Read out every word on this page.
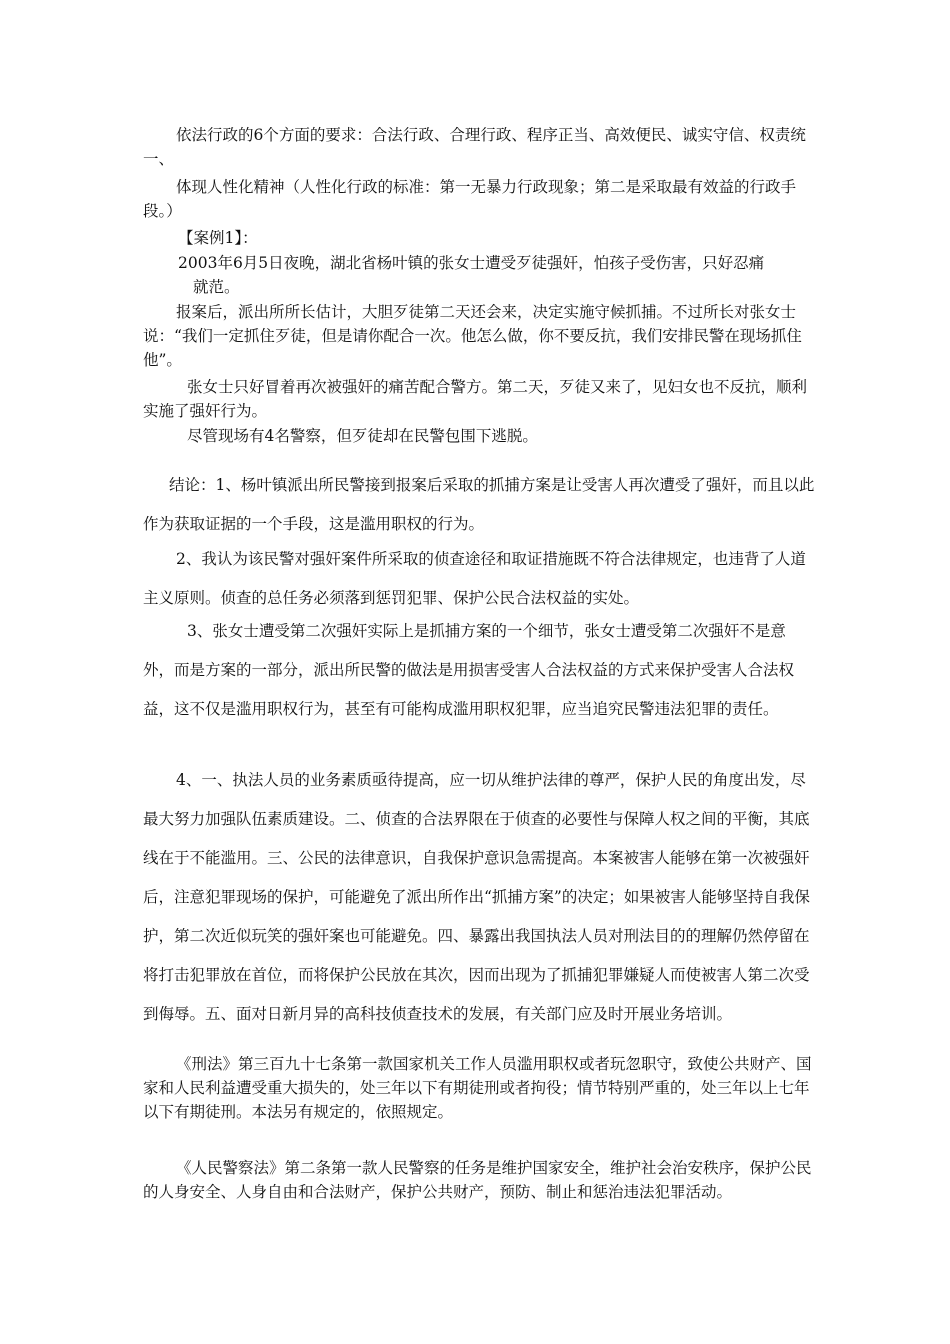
依法行政的6个方面的要求：合法行政、合理行政、程序正当、高效便民、诚实守信、权责统一、

体现人性化精神（人性化行政的标准：第一无暴力行政现象；第二是采取最有效益的行政手段。）

【案例1】：

2003年6月5日夜晚，湖北省杨叶镇的张女士遭受歹徒强奸，怕孩子受伤害，只好忍痛

就范。

报案后，派出所所长估计，大胆歹徒第二天还会来，决定实施守候抓捕。不过所长对张女士说：“我们一定抓住歹徒，但是请你配合一次。他怎么做，你不要反抗，我们安排民警在现场抓住他”。

张女士只好冒着再次被强奸的痛苦配合警方。第二天，歹徒又来了，见妇女也不反抗，顺利实施了强奸行为。

尽管现场有4名警察，但歹徒却在民警包围下逃脱。

结论：1、杨叶镇派出所民警接到报案后采取的抓捕方案是让受害人再次遭受了强奸，而且以此作为获取证据的一个手段，这是滥用职权的行为。

2、我认为该民警对强奸案件所采取的侦查途径和取证措施既不符合法律规定，也违背了人道主义原则。侦查的总任务必须落到惩罚犯罪、保护公民合法权益的实处。

3、张女士遭受第二次强奸实际上是抓捕方案的一个细节，张女士遭受第二次强奸不是意外，而是方案的一部分，派出所民警的做法是用损害受害人合法权益的方式来保护受害人合法权益，这不仅是滥用职权行为，甚至有可能构成滥用职权犯罪，应当追究民警违法犯罪的责任。

4、一、执法人员的业务素质亟待提高，应一切从维护法律的尊严，保护人民的角度出发，尽最大努力加强队伍素质建设。二、侦查的合法界限在于侦查的必要性与保障人权之间的平衡，其底线在于不能滥用。三、公民的法律意识，自我保护意识急需提高。本案被害人能够在第一次被强奸后，注意犯罪现场的保护，可能避免了派出所作出“抓捕方案”的决定；如果被害人能够坚持自我保护，第二次近似玩笑的强奸案也可能避免。四、暴露出我国执法人员对刑法目的的理解仍然停留在将打击犯罪放在首位，而将保护公民放在其次，因而出现为了抓捕犯罪嫌疑人而使被害人第二次受到侮辱。五、面对日新月异的高科技侦查技术的发展，有关部门应及时开展业务培训。

《刑法》第三百九十七条第一款国家机关工作人员滥用职权或者玩忽职守，致使公共财产、国家和人民利益遭受重大损失的，处三年以下有期徒刑或者拘役；情节特别严重的，处三年以上七年以下有期徒刑。本法另有规定的，依照规定。

《人民警察法》第二条第一款人民警察的任务是维护国家安全，维护社会治安秩序，保护公民的人身安全、人身自由和合法财产，保护公共财产，预防、制止和惩治违法犯罪活动。
